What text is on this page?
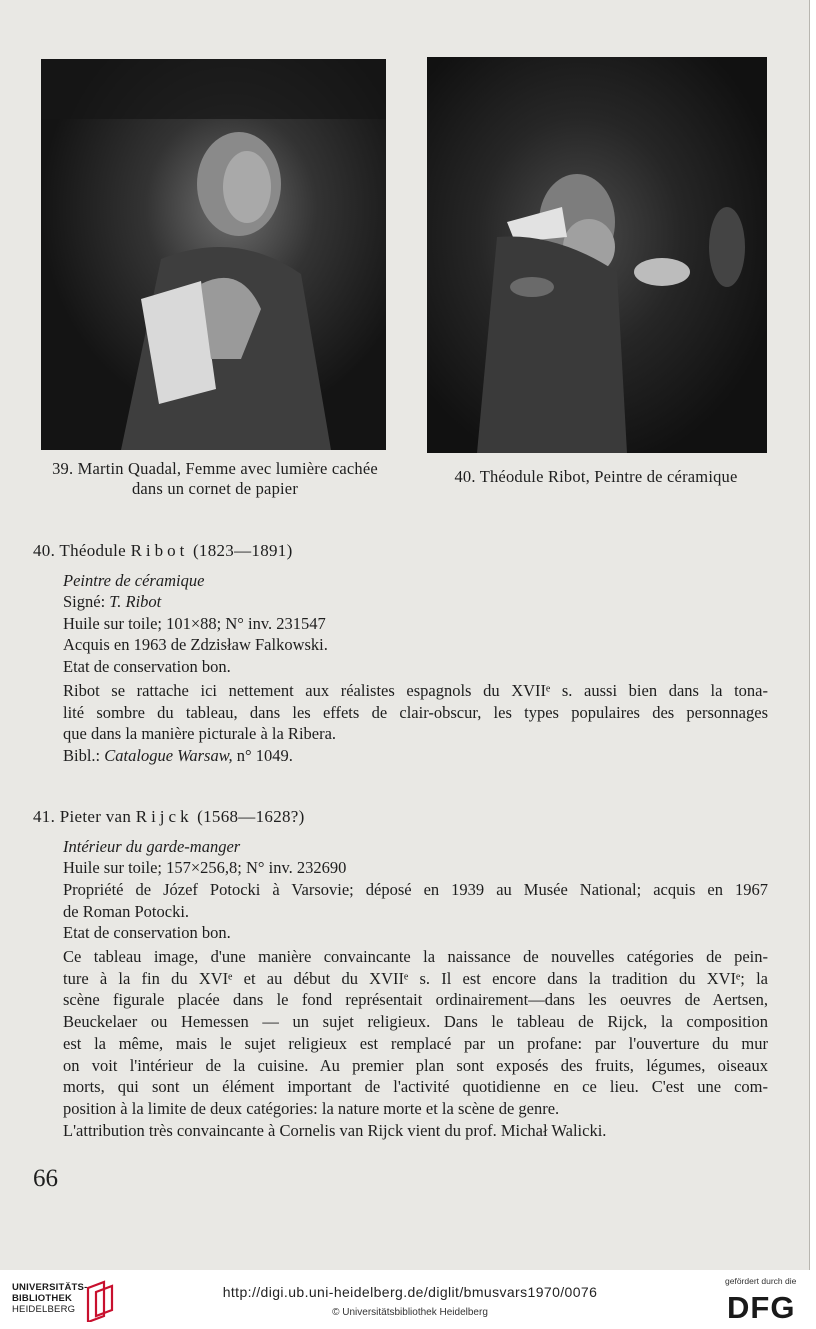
39. Martin Quadal, Femme avec lumière cachée
dans un cornet de papier
40. Théodule Ribot, Peintre de céramique
40. Théodule Ribot (1823—1891)
Peintre de céramique
Signé: T. Ribot
Huile sur toile; 101×88; N° inv. 231547
Acquis en 1963 de Zdzisław Falkowski.
Etat de conservation bon.
Ribot se rattache ici nettement aux réalistes espagnols du XVIIᵉ s. aussi bien dans la tona-
lité sombre du tableau, dans les effets de clair-obscur, les types populaires des personnages
que dans la manière picturale à la Ribera.
Bibl.: Catalogue Warsaw, n° 1049.
41. Pieter van Rijck (1568—1628?)
Intérieur du garde-manger
Huile sur toile; 157×256,8; N° inv. 232690
Propriété de Józef Potocki à Varsovie; déposé en 1939 au Musée National; acquis en 1967
de Roman Potocki.
Etat de conservation bon.
Ce tableau image, d'une manière convaincante la naissance de nouvelles catégories de pein-
ture à la fin du XVIᵉ et au début du XVIIᵉ s. Il est encore dans la tradition du XVIᵉ; la
scène figurale placée dans le fond représentait ordinairement—dans les oeuvres de Aertsen,
Beuckelaer ou Hemessen — un sujet religieux. Dans le tableau de Rijck, la composition
est la même, mais le sujet religieux est remplacé par un profane: par l'ouverture du mur
on voit l'intérieur de la cuisine. Au premier plan sont exposés des fruits, légumes, oiseaux
morts, qui sont un élément important de l'activité quotidienne en ce lieu. C'est une com-
position à la limite de deux catégories: la nature morte et la scène de genre.
L'attribution très convaincante à Cornelis van Rijck vient du prof. Michał Walicki.
66
UNIVERSITÄTS-
BIBLIOTHEK
HEIDELBERG
http://digi.ub.uni-heidelberg.de/diglit/bmusvars1970/0076
© Universitätsbibliothek Heidelberg
gefördert durch die
DFG
